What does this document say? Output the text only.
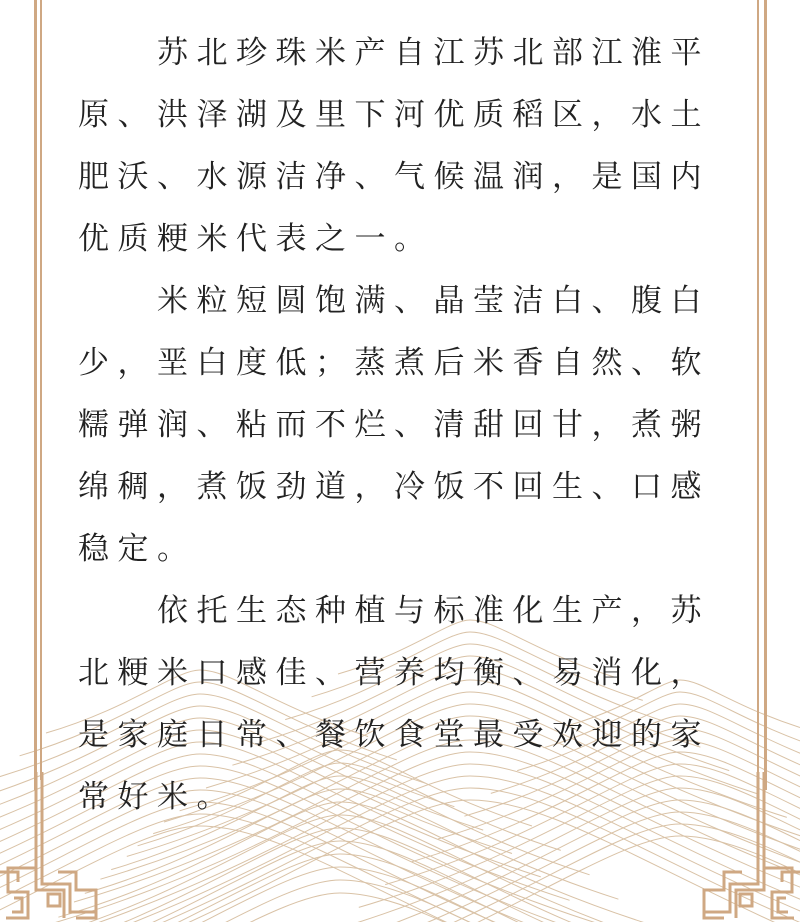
苏北珍珠米产自江苏北部江淮平原、洪泽湖及里下河优质稻区，水土肥沃、水源洁净、气候温润，是国内优质粳米代表之一。

米粒短圆饱满、晶莹洁白、腹白少，垩白度低；蒸煮后米香自然、软糯弹润、粘而不烂、清甜回甘，煮粥绵稠，煮饭劲道，冷饭不回生、口感稳定。

依托生态种植与标准化生产，苏北粳米口感佳、营养均衡、易消化，是家庭日常、餐饮食堂最受欢迎的家常好米。
